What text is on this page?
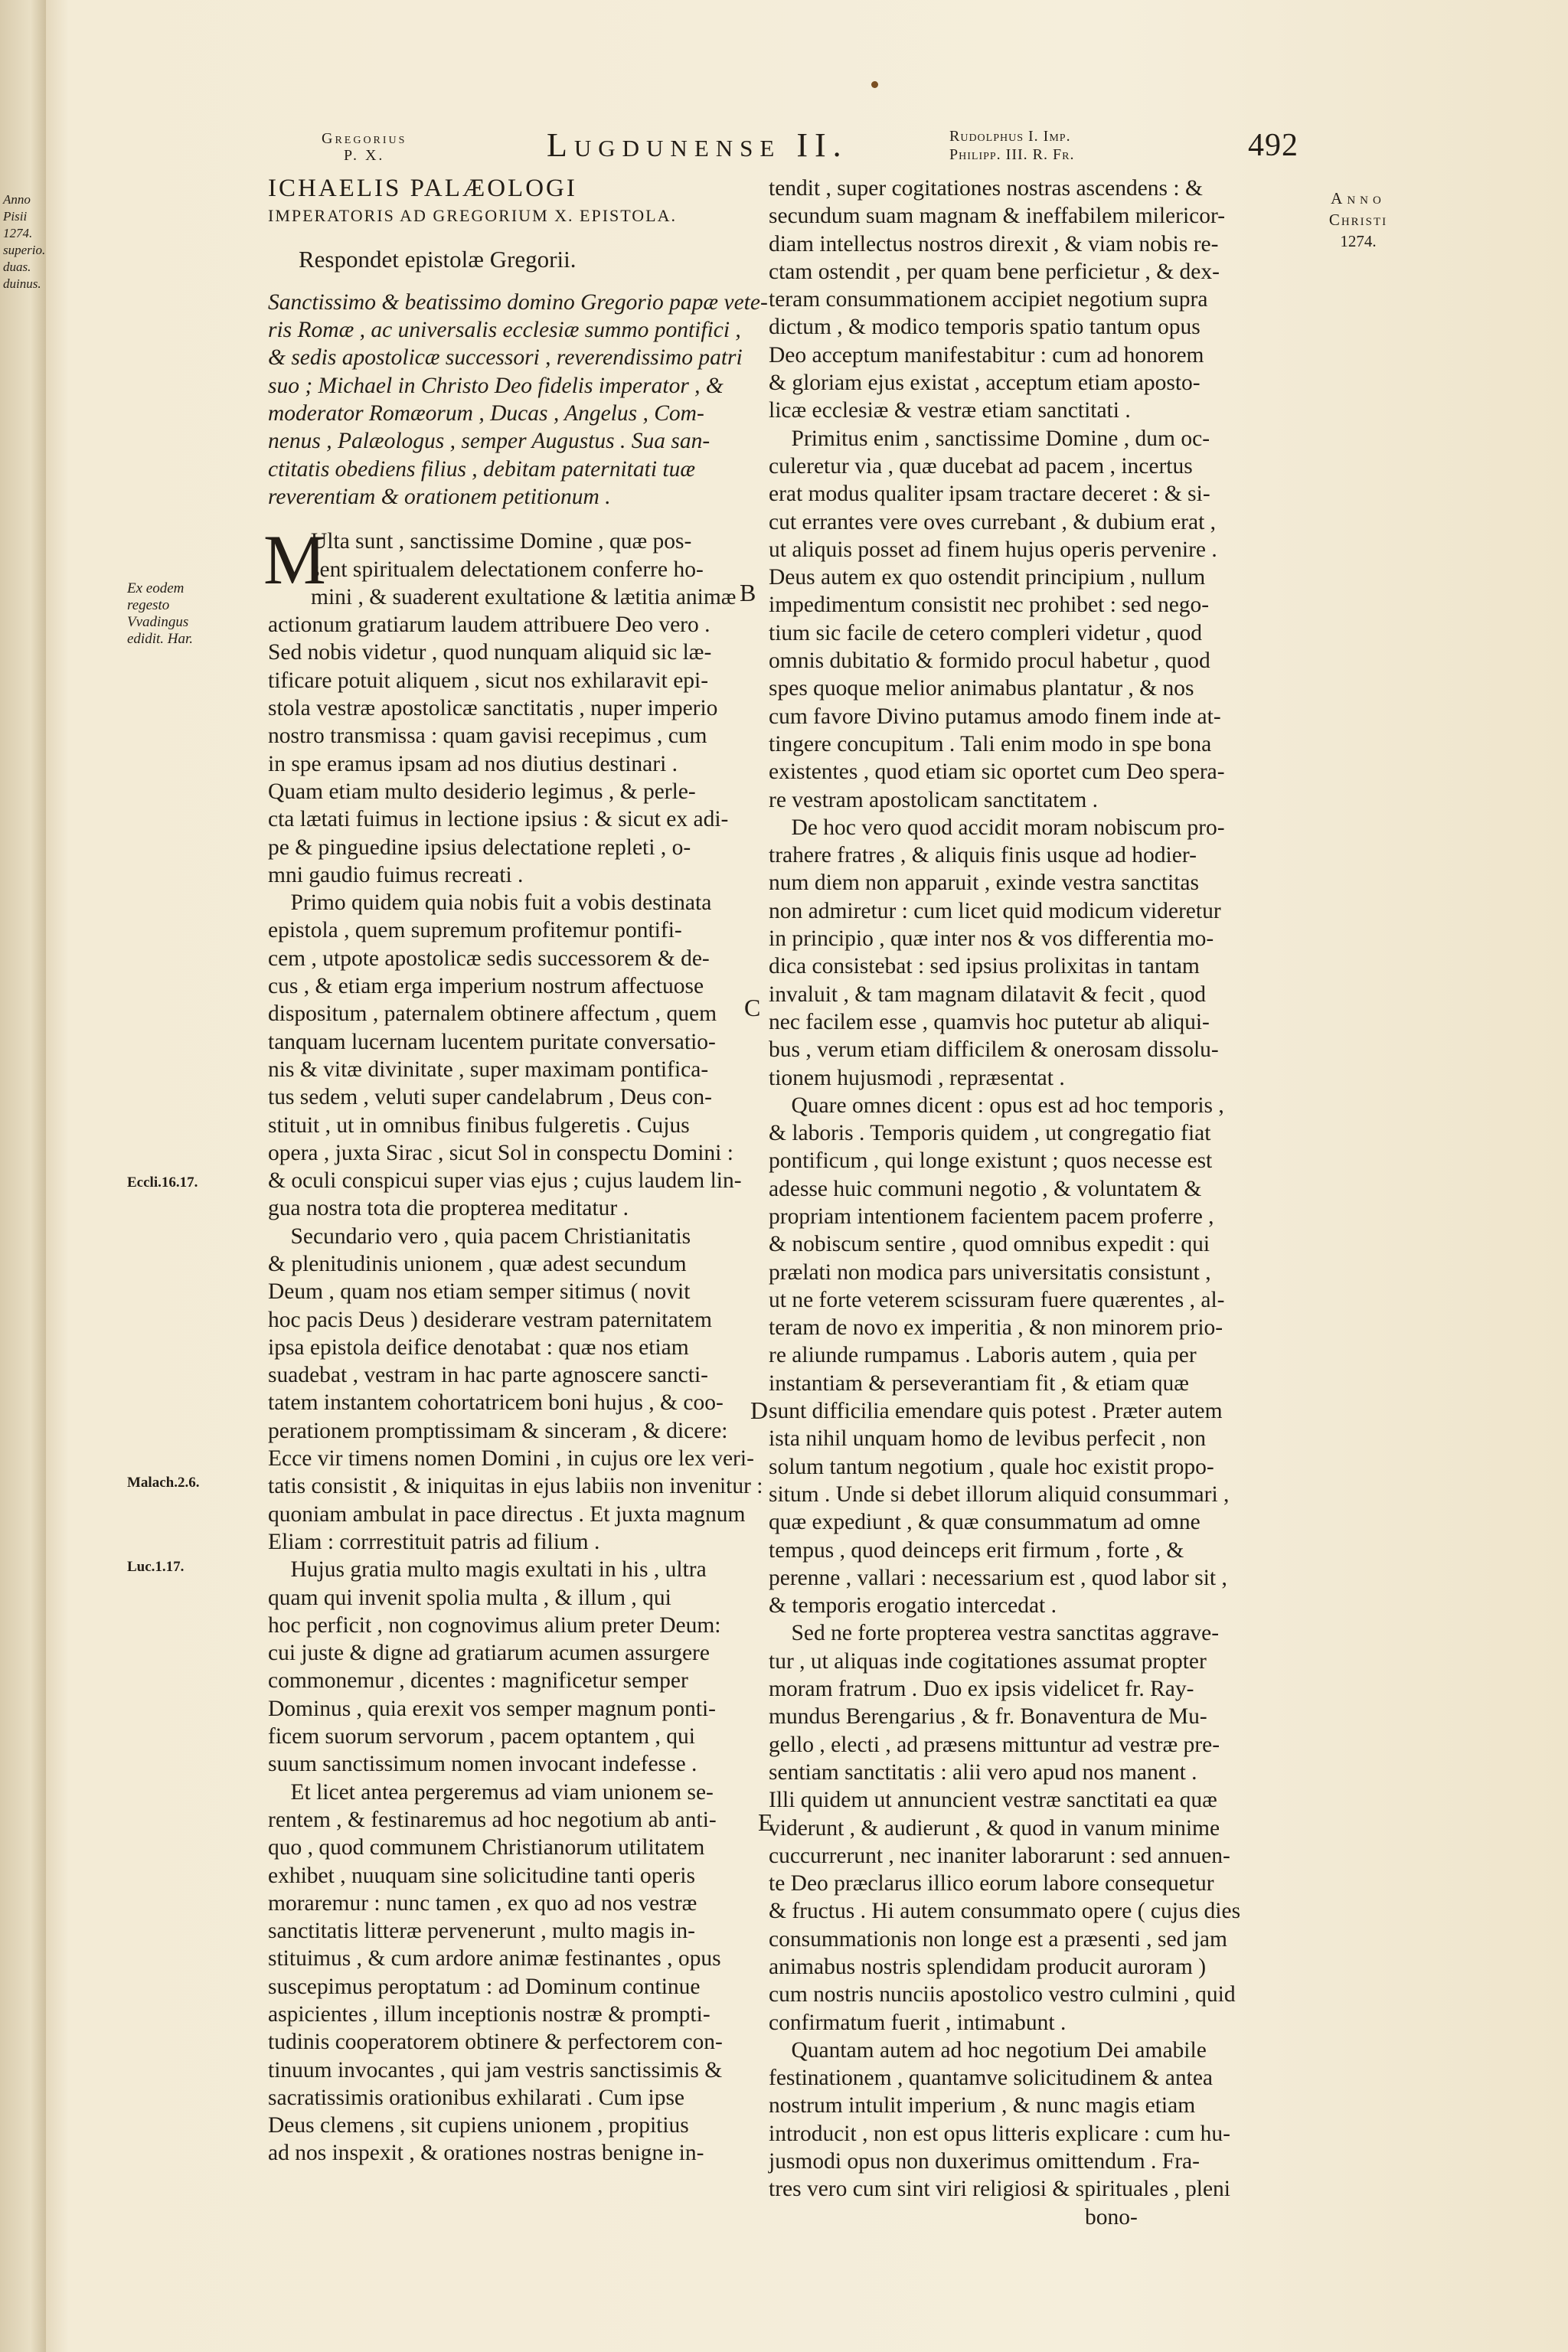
Anno
Pisii
1274.
superio.
duas.
duinus.
Gregorius
P. X.	Lugdunense II.	Rudolphus I. Imp.
Philipp. III. R. Fr.	492
Anno
Christi
1274.
Ex eodem
regesto
Vvadingus
edidit. Har.
Eccli.16.17.
Malach.2.6.
Luc.1.17.
B
C
D
E
ICHAELIS PALÆOLOGI
IMPERATORIS AD GREGORIUM X. EPISTOLA.
Respondet epistolæ Gregorii.
Sanctissimo & beatissimo domino Gregorio papæ vete-
ris Romæ , ac universalis ecclesiæ summo pontifici ,
& sedis apostolicæ successori , reverendissimo patri
suo ; Michael in Christo Deo fidelis imperator , &
moderator Romæorum , Ducas , Angelus , Com-
nenus , Palæologus , semper Augustus . Sua san-
ctitatis obediens filius , debitam paternitati tuæ
reverentiam & orationem petitionum .
M
Ulta sunt , sanctissime Domine , quæ pos-
sent spiritualem delectationem conferre ho-
mini , & suaderent exultatione & lætitia animæ
actionum gratiarum laudem attribuere Deo vero .
Sed nobis videtur , quod nunquam aliquid sic læ-
tificare potuit aliquem , sicut nos exhilaravit epi-
stola vestræ apostolicæ sanctitatis , nuper imperio
nostro transmissa : quam gavisi recepimus , cum
in spe eramus ipsam ad nos diutius destinari .
Quam etiam multo desiderio legimus , & perle-
cta lætati fuimus in lectione ipsius : & sicut ex adi-
pe & pinguedine ipsius delectatione repleti , o-
mni gaudio fuimus recreati .
Primo quidem quia nobis fuit a vobis destinata
epistola , quem supremum profitemur pontifi-
cem , utpote apostolicæ sedis successorem & de-
cus , & etiam erga imperium nostrum affectuose
dispositum , paternalem obtinere affectum , quem
tanquam lucernam lucentem puritate conversatio-
nis & vitæ divinitate , super maximam pontifica-
tus sedem , veluti super candelabrum , Deus con-
stituit , ut in omnibus finibus fulgeretis . Cujus
opera , juxta Sirac , sicut Sol in conspectu Domini :
& oculi conspicui super vias ejus ; cujus laudem lin-
gua nostra tota die propterea meditatur .
Secundario vero , quia pacem Christianitatis
& plenitudinis unionem , quæ adest secundum
Deum , quam nos etiam semper sitimus ( novit
hoc pacis Deus ) desiderare vestram paternitatem
ipsa epistola deifice denotabat : quæ nos etiam
suadebat , vestram in hac parte agnoscere sancti-
tatem instantem cohortatricem boni hujus , & coo-
perationem promptissimam & sinceram , & dicere:
Ecce vir timens nomen Domini , in cujus ore lex veri-
tatis consistit , & iniquitas in ejus labiis non invenitur :
quoniam ambulat in pace directus . Et juxta magnum
Eliam : corrrestituit patris ad filium .
Hujus gratia multo magis exultati in his , ultra
quam qui invenit spolia multa , & illum , qui
hoc perficit , non cognovimus alium preter Deum:
cui juste & digne ad gratiarum acumen assurgere
commonemur , dicentes : magnificetur semper
Dominus , quia erexit vos semper magnum ponti-
ficem suorum servorum , pacem optantem , qui
suum sanctissimum nomen invocant indefesse .
Et licet antea pergeremus ad viam unionem se-
rentem , & festinaremus ad hoc negotium ab anti-
quo , quod communem Christianorum utilitatem
exhibet , nuuquam sine solicitudine tanti operis
moraremur : nunc tamen , ex quo ad nos vestræ
sanctitatis litteræ pervenerunt , multo magis in-
stituimus , & cum ardore animæ festinantes , opus
suscepimus peroptatum : ad Dominum continue
aspicientes , illum inceptionis nostræ & prompti-
tudinis cooperatorem obtinere & perfectorem con-
tinuum invocantes , qui jam vestris sanctissimis &
sacratissimis orationibus exhilarati . Cum ipse
Deus clemens , sit cupiens unionem , propitius
ad nos inspexit , & orationes nostras benigne in-
tendit , super cogitationes nostras ascendens : &
secundum suam magnam & ineffabilem milericor-
diam intellectus nostros direxit , & viam nobis re-
ctam ostendit , per quam bene perficietur , & dex-
teram consummationem accipiet negotium supra
dictum , & modico temporis spatio tantum opus
Deo acceptum manifestabitur : cum ad honorem
& gloriam ejus existat , acceptum etiam aposto-
licæ ecclesiæ & vestræ etiam sanctitati .
Primitus enim , sanctissime Domine , dum oc-
culeretur via , quæ ducebat ad pacem , incertus
erat modus qualiter ipsam tractare deceret : & si-
cut errantes vere oves currebant , & dubium erat ,
ut aliquis posset ad finem hujus operis pervenire .
Deus autem ex quo ostendit principium , nullum
impedimentum consistit nec prohibet : sed nego-
tium sic facile de cetero compleri videtur , quod
omnis dubitatio & formido procul habetur , quod
spes quoque melior animabus plantatur , & nos
cum favore Divino putamus amodo finem inde at-
tingere concupitum . Tali enim modo in spe bona
existentes , quod etiam sic oportet cum Deo spera-
re vestram apostolicam sanctitatem .
De hoc vero quod accidit moram nobiscum pro-
trahere fratres , & aliquis finis usque ad hodier-
num diem non apparuit , exinde vestra sanctitas
non admiretur : cum licet quid modicum videretur
in principio , quæ inter nos & vos differentia mo-
dica consistebat : sed ipsius prolixitas in tantam
invaluit , & tam magnam dilatavit & fecit , quod
nec facilem esse , quamvis hoc putetur ab aliqui-
bus , verum etiam difficilem & onerosam dissolu-
tionem hujusmodi , repræsentat .
Quare omnes dicent : opus est ad hoc temporis ,
& laboris . Temporis quidem , ut congregatio fiat
pontificum , qui longe existunt ; quos necesse est
adesse huic communi negotio , & voluntatem &
propriam intentionem facientem pacem proferre ,
& nobiscum sentire , quod omnibus expedit : qui
prælati non modica pars universitatis consistunt ,
ut ne forte veterem scissuram fuere quærentes , al-
teram de novo ex imperitia , & non minorem prio-
re aliunde rumpamus . Laboris autem , quia per
instantiam & perseverantiam fit , & etiam quæ
sunt difficilia emendare quis potest . Præter autem
ista nihil unquam homo de levibus perfecit , non
solum tantum negotium , quale hoc existit propo-
situm . Unde si debet illorum aliquid consummari ,
quæ expediunt , & quæ consummatum ad omne
tempus , quod deinceps erit firmum , forte , &
perenne , vallari : necessarium est , quod labor sit ,
& temporis erogatio intercedat .
Sed ne forte propterea vestra sanctitas aggrave-
tur , ut aliquas inde cogitationes assumat propter
moram fratrum . Duo ex ipsis videlicet fr. Ray-
mundus Berengarius , & fr. Bonaventura de Mu-
gello , electi , ad præsens mittuntur ad vestræ pre-
sentiam sanctitatis : alii vero apud nos manent .
Illi quidem ut annuncient vestræ sanctitati ea quæ
viderunt , & audierunt , & quod in vanum minime
cuccurrerunt , nec inaniter laborarunt : sed annuen-
te Deo præclarus illico eorum labore consequetur
& fructus . Hi autem consummato opere ( cujus dies
consummationis non longe est a præsenti , sed jam
animabus nostris splendidam producit auroram )
cum nostris nunciis apostolico vestro culmini , quid
confirmatum fuerit , intimabunt .
Quantam autem ad hoc negotium Dei amabile
festinationem , quantamve solicitudinem & antea
nostrum intulit imperium , & nunc magis etiam
introducit , non est opus litteris explicare : cum hu-
jusmodi opus non duxerimus omittendum . Fra-
tres vero cum sint viri religiosi & spirituales , pleni
bono-
